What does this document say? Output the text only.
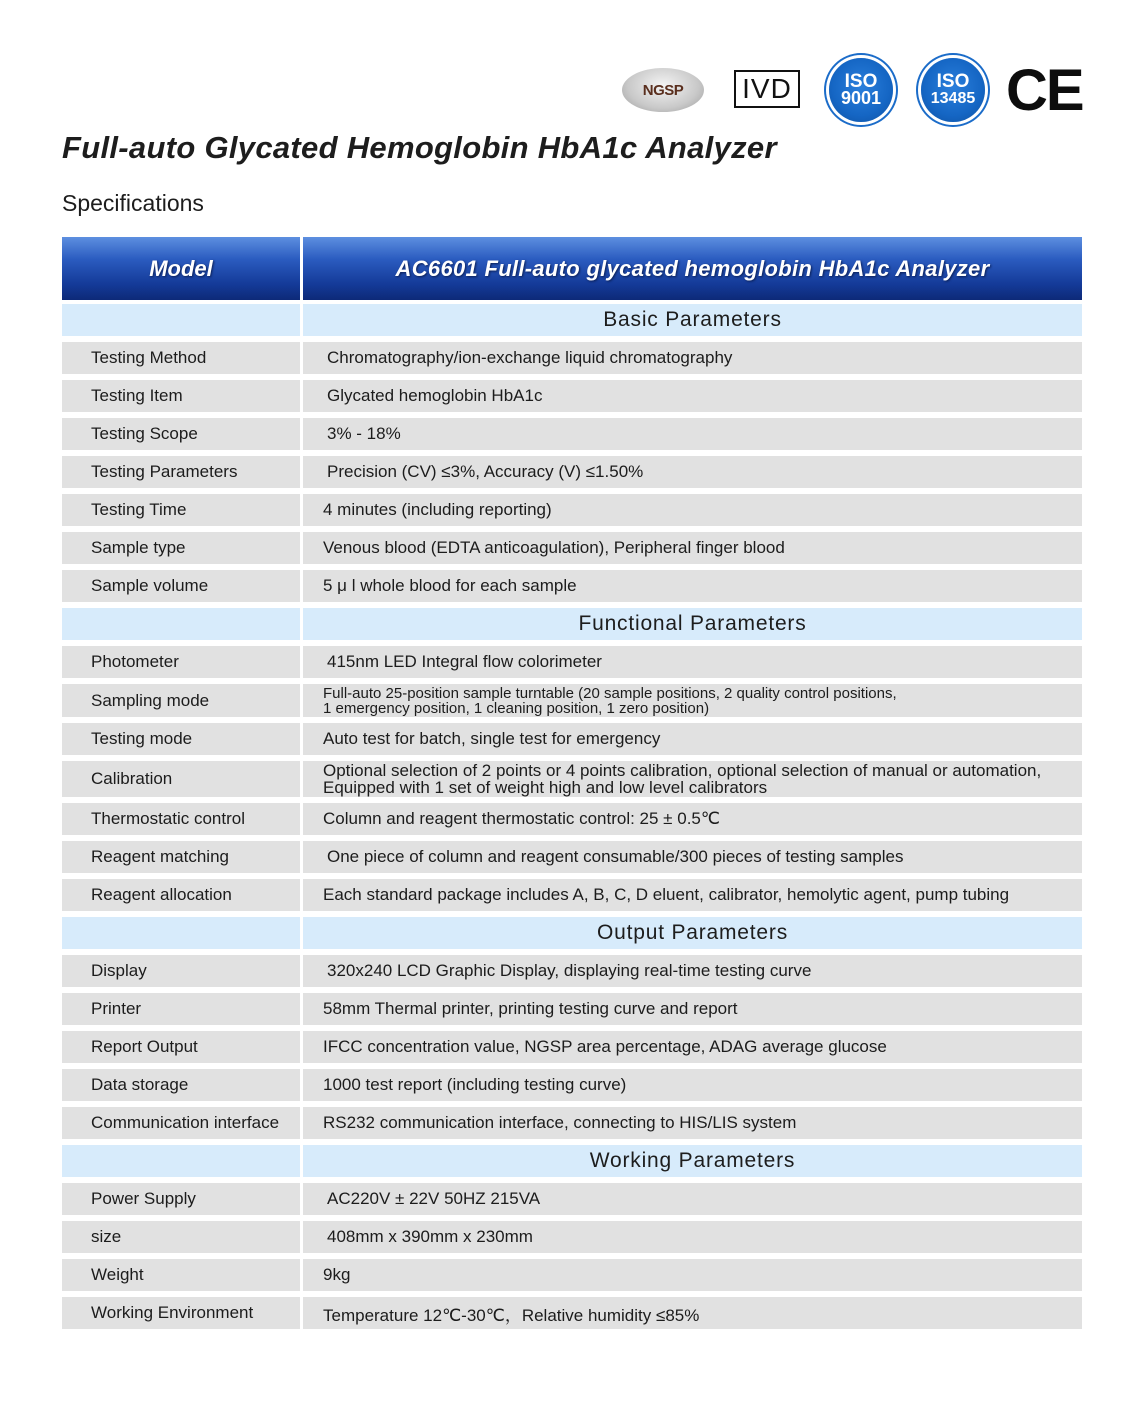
NGSP IVD	ISO
9001
ISO
13485 CE
Full-auto Glycated Hemoglobin HbA1c Analyzer
Specifications
Model	AC6601 Full-auto glycated hemoglobin HbA1c Analyzer
Basic Parameters
Testing Method	Chromatography/ion-exchange liquid chromatography
Testing Item	Glycated hemoglobin HbA1c
Testing Scope	3% - 18%
Testing Parameters	Precision (CV) ≤3%, Accuracy (V) ≤1.50%
Testing Time	4 minutes (including reporting)
Sample type	Venous blood (EDTA anticoagulation), Peripheral finger blood
Sample volume	5 μ l whole blood for each sample
Functional Parameters
Photometer	415nm LED Integral flow colorimeter
Sampling mode	Full-auto 25-position sample turntable (20 sample positions, 2 quality control positions,
1 emergency position, 1 cleaning position, 1 zero position)
Testing mode	Auto test for batch, single test for emergency
Calibration	Optional selection of 2 points or 4 points calibration, optional selection of manual or automation,
Equipped with 1 set of weight high and low level calibrators
Thermostatic control	Column and reagent thermostatic control: 25 ± 0.5℃
Reagent matching	One piece of column and reagent consumable/300 pieces of testing samples
Reagent allocation	Each standard package includes A, B, C, D eluent, calibrator, hemolytic agent, pump tubing
Output Parameters
Display	320x240 LCD Graphic Display, displaying real-time testing curve
Printer	58mm Thermal printer, printing testing curve and report
Report Output	IFCC concentration value, NGSP area percentage, ADAG average glucose
Data storage	1000 test report (including testing curve)
Communication interface	RS232 communication interface, connecting to HIS/LIS system
Working Parameters
Power Supply	AC220V ± 22V 50HZ 215VA
size	408mm x 390mm x 230mm
Weight	9kg
Working Environment	Temperature 12℃-30℃，Relative humidity ≤85%
